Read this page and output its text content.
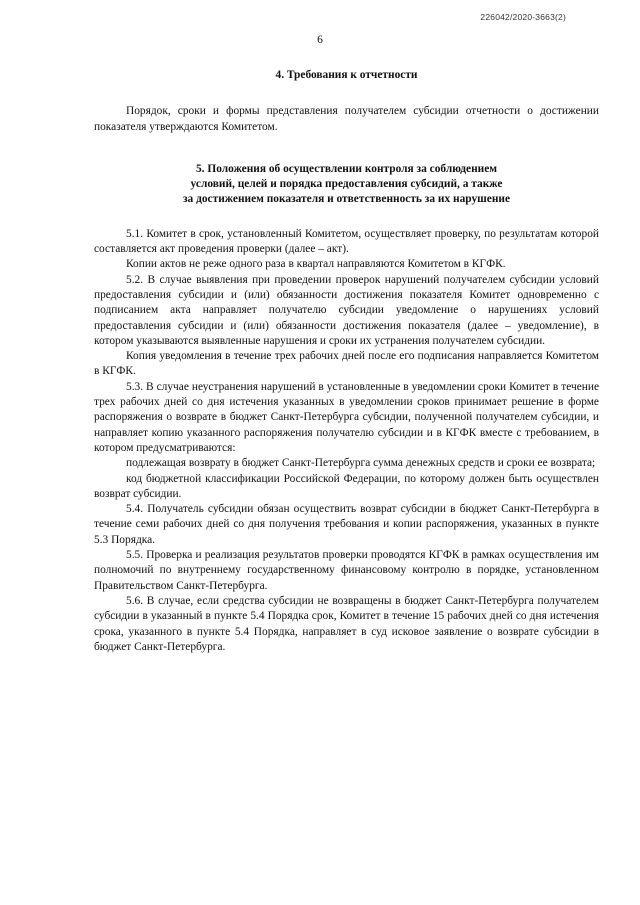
226042/2020-3663(2)
6

4. Требования к отчетности

Порядок, сроки и формы представления получателем субсидии отчетности о достижении показателя утверждаются Комитетом.

5. Положения об осуществлении контроля за соблюдением

условий, целей и порядка предоставления субсидий, а также

за достижением показателя и ответственность за их нарушение

5.1. Комитет в срок, установленный Комитетом, осуществляет проверку, по результатам которой составляется акт проведения проверки (далее – акт).

Копии актов не реже одного раза в квартал направляются Комитетом в КГФК.

5.2. В случае выявления при проведении проверок нарушений получателем субсидии условий предоставления субсидии и (или) обязанности достижения показателя Комитет одновременно с подписанием акта направляет получателю субсидии уведомление о нарушениях условий предоставления субсидии и (или) обязанности достижения показателя (далее – уведомление), в котором указываются выявленные нарушения и сроки их устранения получателем субсидии.

Копия уведомления в течение трех рабочих дней после его подписания направляется Комитетом в КГФК.

5.3. В случае неустранения нарушений в установленные в уведомлении сроки Комитет в течение трех рабочих дней со дня истечения указанных в уведомлении сроков принимает решение в форме распоряжения о возврате в бюджет Санкт-Петербурга субсидии, полученной получателем субсидии, и направляет копию указанного распоряжения получателю субсидии и в КГФК вместе с требованием, в котором предусматриваются:

подлежащая возврату в бюджет Санкт-Петербурга сумма денежных средств и сроки ее возврата;

код бюджетной классификации Российской Федерации, по которому должен быть осуществлен возврат субсидии.

5.4. Получатель субсидии обязан осуществить возврат субсидии в бюджет Санкт-Петербурга в течение семи рабочих дней со дня получения требования и копии распоряжения, указанных в пункте 5.3 Порядка.

5.5. Проверка и реализация результатов проверки проводятся КГФК в рамках осуществления им полномочий по внутреннему государственному финансовому контролю в порядке, установленном Правительством Санкт-Петербурга.

5.6. В случае, если средства субсидии не возвращены в бюджет Санкт-Петербурга получателем субсидии в указанный в пункте 5.4 Порядка срок, Комитет в течение 15 рабочих дней со дня истечения срока, указанного в пункте 5.4 Порядка, направляет в суд исковое заявление о возврате субсидии в бюджет Санкт-Петербурга.
